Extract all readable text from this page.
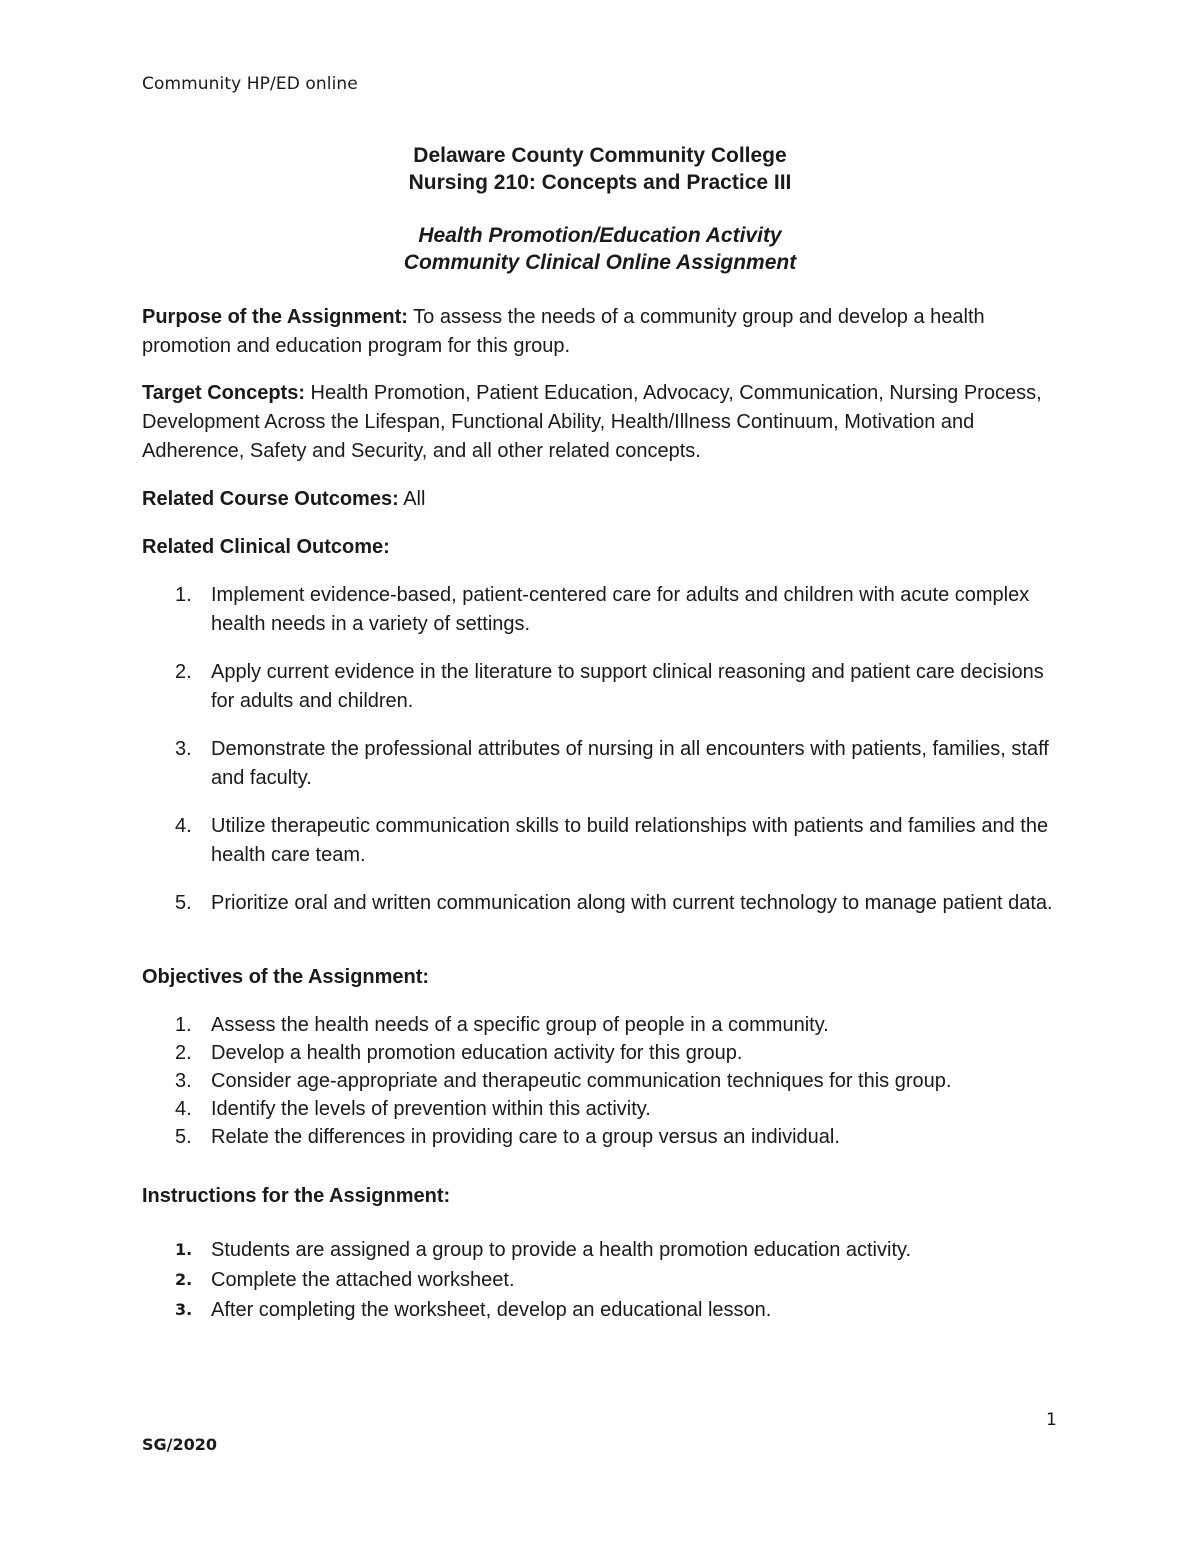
Community HP/ED online
Delaware County Community College
Nursing 210: Concepts and Practice III
Health Promotion/Education Activity
Community Clinical Online Assignment

Purpose of the Assignment: To assess the needs of a community group and develop a health promotion and education program for this group.

Target Concepts: Health Promotion, Patient Education, Advocacy, Communication, Nursing Process, Development Across the Lifespan, Functional Ability, Health/Illness Continuum, Motivation and Adherence, Safety and Security, and all other related concepts.

Related Course Outcomes: All

Related Clinical Outcome:

1. Implement evidence-based, patient-centered care for adults and children with acute complex health needs in a variety of settings.
2. Apply current evidence in the literature to support clinical reasoning and patient care decisions for adults and children.
3. Demonstrate the professional attributes of nursing in all encounters with patients, families, staff and faculty.
4. Utilize therapeutic communication skills to build relationships with patients and families and the health care team.
5. Prioritize oral and written communication along with current technology to manage patient data.

Objectives of the Assignment:

1. Assess the health needs of a specific group of people in a community.
2. Develop a health promotion education activity for this group.
3. Consider age-appropriate and therapeutic communication techniques for this group.
4. Identify the levels of prevention within this activity.
5. Relate the differences in providing care to a group versus an individual.

Instructions for the Assignment:

1. Students are assigned a group to provide a health promotion education activity.
2. Complete the attached worksheet.
3. After completing the worksheet, develop an educational lesson.
1
SG/2020
